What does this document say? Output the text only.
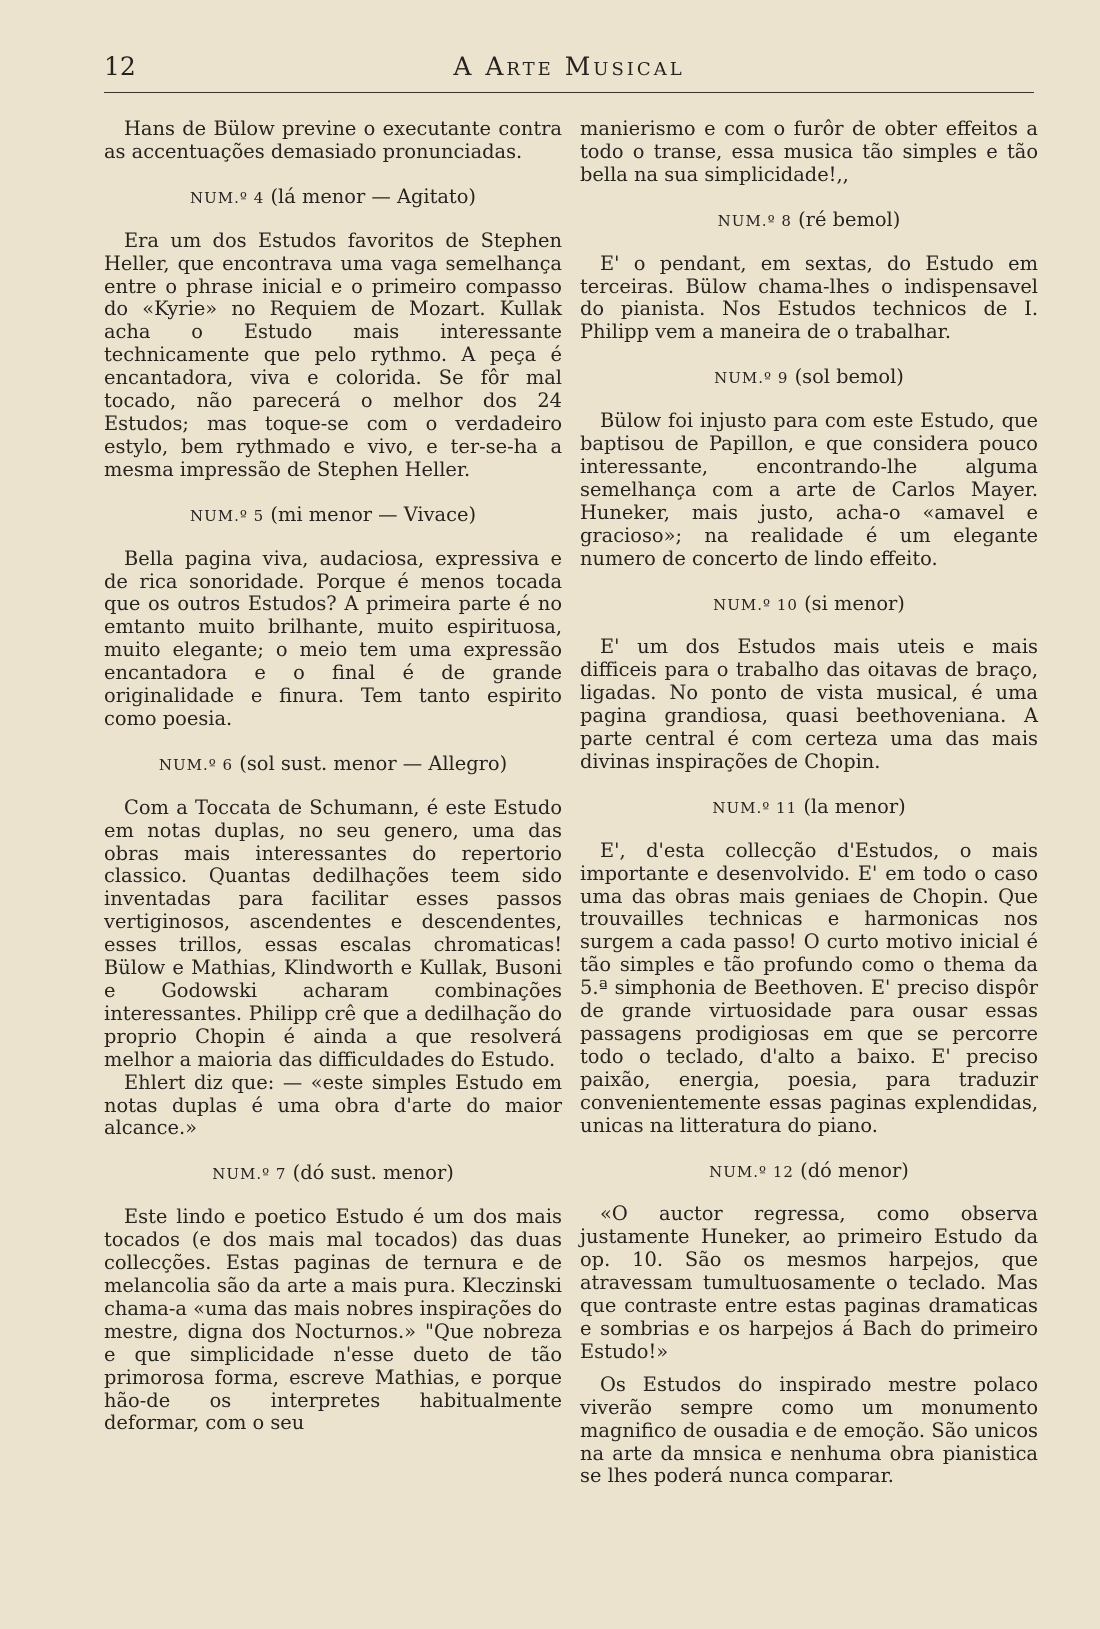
A Arte Musical
12

Hans de Bülow previne o executante contra as accentuações demasiado pronunciadas.

NUM.º 4 (lá menor — Agitato)

Era um dos Estudos favoritos de Stephen Heller, que encontrava uma vaga semelhança entre o phrase inicial e o primeiro compasso do «Kyrie» no Requiem de Mozart. Kullak acha o Estudo mais interessante technicamente que pelo rythmo. A peça é encantadora, viva e colorida. Se fôr mal tocado, não parecerá o melhor dos 24 Estudos; mas toque-se com o verdadeiro estylo, bem rythmado e vivo, e ter-se-ha a mesma impressão de Stephen Heller.

NUM.º 5 (mi menor — Vivace)

Bella pagina viva, audaciosa, expressiva e de rica sonoridade. Porque é menos tocada que os outros Estudos? A primeira parte é no emtanto muito brilhante, muito espirituosa, muito elegante; o meio tem uma expressão encantadora e o final é de grande originalidade e finura. Tem tanto espirito como poesia.

NUM.º 6 (sol sust. menor — Allegro)

Com a Toccata de Schumann, é este Estudo em notas duplas, no seu genero, uma das obras mais interessantes do repertorio classico. Quantas dedilhações teem sido inventadas para facilitar esses passos vertiginosos, ascendentes e descendentes, esses trillos, essas escalas chromaticas! Bülow e Mathias, Klindworth e Kullak, Busoni e Godowski acharam combinações interessantes. Philipp crê que a dedilhação do proprio Chopin é ainda a que resolverá melhor a maioria das difficuldades do Estudo.

Ehlert diz que: — «este simples Estudo em notas duplas é uma obra d'arte do maior alcance.»

NUM.º 7 (dó sust. menor)

Este lindo e poetico Estudo é um dos mais tocados (e dos mais mal tocados) das duas collecções. Estas paginas de ternura e de melancolia são da arte a mais pura. Kleczinski chama-a «uma das mais nobres inspirações do mestre, digna dos Nocturnos.» "Que nobreza e que simplicidade n'esse dueto de tão primorosa forma, escreve Mathias, e porque hão-de os interpretes habitualmente deformar, com o seu

manierismo e com o furôr de obter effeitos a todo o transe, essa musica tão simples e tão bella na sua simplicidade!,,

NUM.º 8 (ré bemol)

E' o pendant, em sextas, do Estudo em terceiras. Bülow chama-lhes o indispensavel do pianista. Nos Estudos technicos de I. Philipp vem a maneira de o trabalhar.

NUM.º 9 (sol bemol)

Bülow foi injusto para com este Estudo, que baptisou de Papillon, e que considera pouco interessante, encontrando-lhe alguma semelhança com a arte de Carlos Mayer. Huneker, mais justo, acha-o «amavel e gracioso»; na realidade é um elegante numero de concerto de lindo effeito.

NUM.º 10 (si menor)

E' um dos Estudos mais uteis e mais difficeis para o trabalho das oitavas de braço, ligadas. No ponto de vista musical, é uma pagina grandiosa, quasi beethoveniana. A parte central é com certeza uma das mais divinas inspirações de Chopin.

NUM.º 11 (la menor)

E', d'esta collecção d'Estudos, o mais importante e desenvolvido. E' em todo o caso uma das obras mais geniaes de Chopin. Que trouvailles technicas e harmonicas nos surgem a cada passo! O curto motivo inicial é tão simples e tão profundo como o thema da 5.ª simphonia de Beethoven. E' preciso dispôr de grande virtuosidade para ousar essas passagens prodigiosas em que se percorre todo o teclado, d'alto a baixo. E' preciso paixão, energia, poesia, para traduzir convenientemente essas paginas explendidas, unicas na litteratura do piano.

NUM.º 12 (dó menor)

«O auctor regressa, como observa justamente Huneker, ao primeiro Estudo da op. 10. São os mesmos harpejos, que atravessam tumultuosamente o teclado. Mas que contraste entre estas paginas dramaticas e sombrias e os harpejos á Bach do primeiro Estudo!»

Os Estudos do inspirado mestre polaco viverão sempre como um monumento magnifico de ousadia e de emoção. São unicos na arte da mnsica e nenhuma obra pianistica se lhes poderá nunca comparar.
